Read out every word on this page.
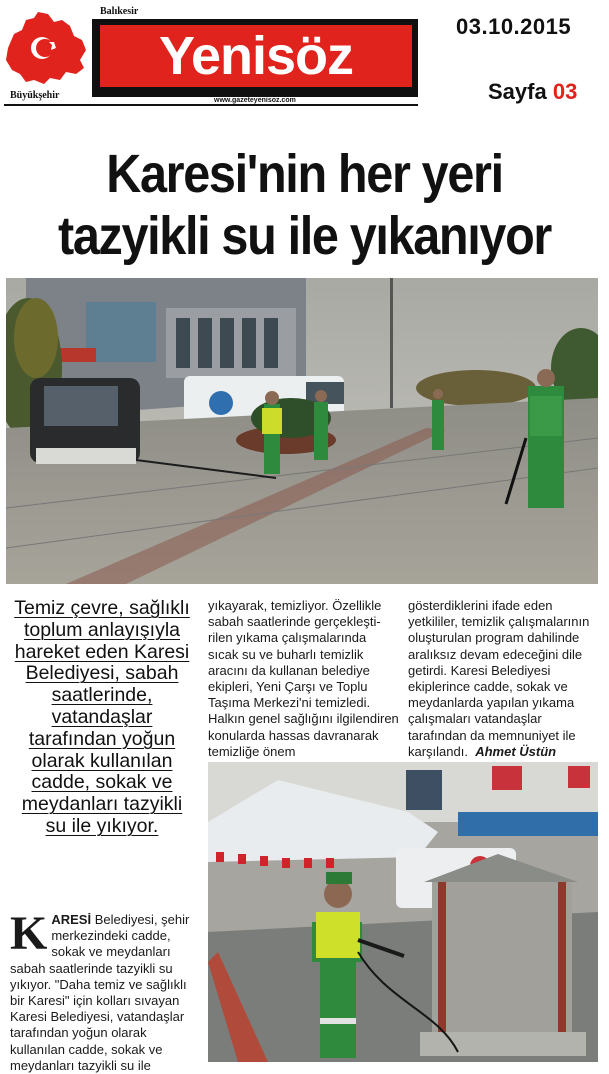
Balıkesir
Büyükşehir
Yenisöz
www.gazeteyenisoz.com
03.10.2015
Sayfa 03
Karesi'nin her yeri
tazyikli su ile yıkanıyor
Temiz çevre, sağlıklı toplum anlayışıyla hareket eden Karesi Belediyesi, sabah saatlerinde, vatandaşlar tarafından yoğun olarak kullanılan cadde, sokak ve meydanları tazyikli su ile yıkıyor.
KARESİ Belediyesi, şehir merkezindeki cadde, sokak ve meydanları sabah saatlerinde tazyikli su yıkıyor. "Daha temiz ve sağlıklı bir Karesi" için kolları sıvayan Karesi Belediyesi, vatandaşlar tarafından yoğun olarak kullanılan cadde, sokak ve meydanları tazyikli su ile
yıkayarak, temizliyor. Özellikle sabah saatlerinde gerçekleşti-rilen yıkama çalışmalarında sıcak su ve buharlı temizlik aracını da kullanan belediye ekipleri, Yeni Çarşı ve Toplu Taşıma Merkezi'ni temizledi. Halkın genel sağlığını ilgilendiren konularda hassas davranarak temizliğe önem
gösterdiklerini ifade eden yetkililer, temizlik çalışmalarının oluşturulan program dahilinde aralıksız devam edeceğini dile getirdi. Karesi Belediyesi ekiplerince cadde, sokak ve meydanlarda yapılan yıkama çalışmaları vatandaşlar tarafından da memnuniyet ile karşılandı. Ahmet Üstün
